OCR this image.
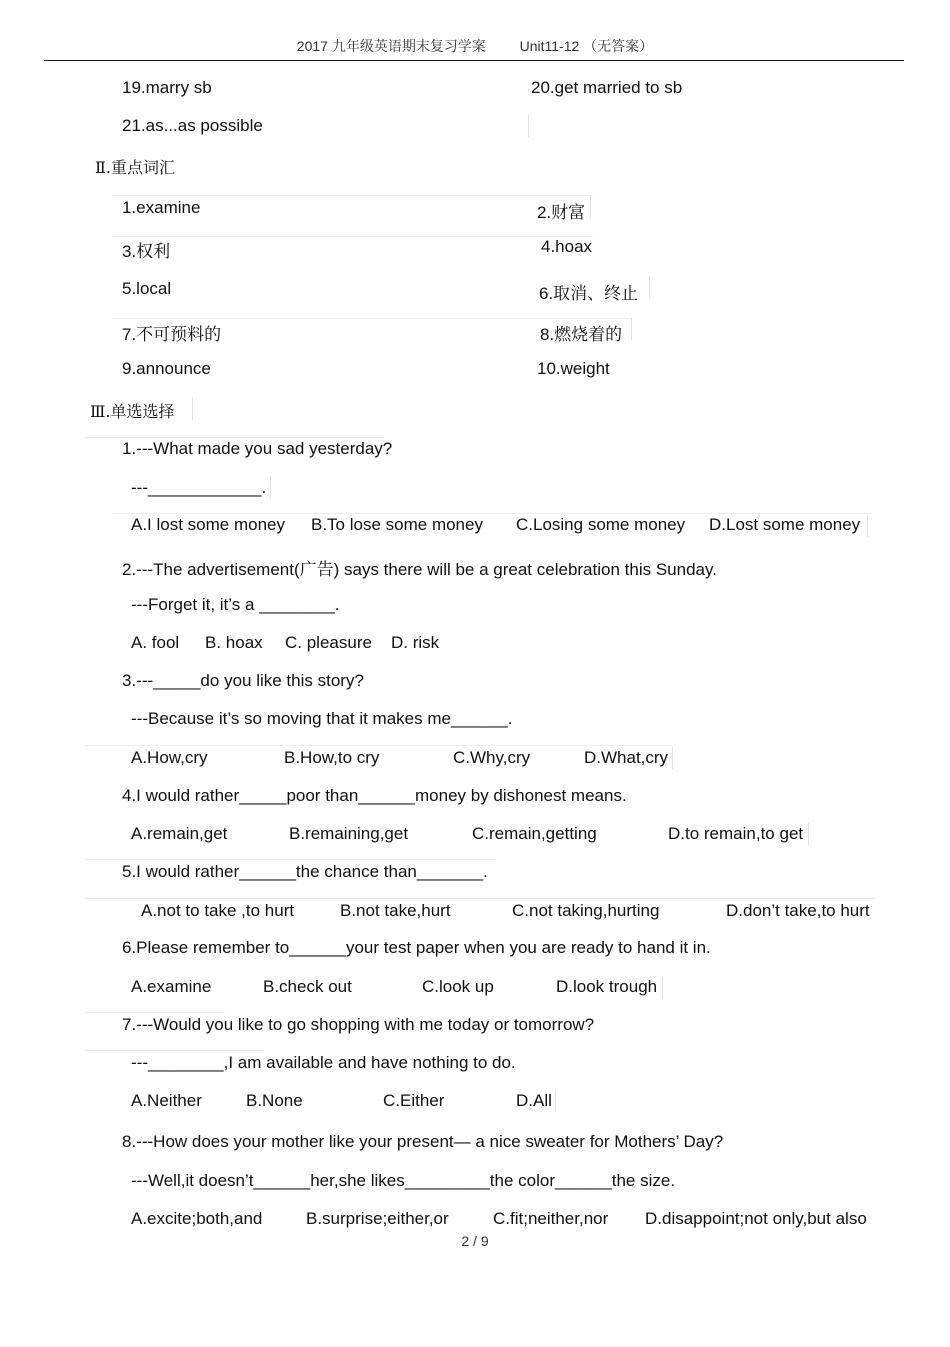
2017 九年级英语期末复习学案 Unit11-12 （无答案）
19.marry sb	20.get married to sb
21.as...as possible
Ⅱ.重点词汇
1.examine	2.财富
3.权利	4.hoax
5.local	6.取消、终止
7.不可预料的	8.燃烧着的
9.announce	10.weight
Ⅲ.单选选择
1.---What made you sad yesterday?
---____________.
A.I lost some money B.To lose some money C.Losing some money D.Lost some money
2.---The advertisement(广告) says there will be a great celebration this Sunday.
---Forget it, it’s a ________.
A. fool B. hoax C. pleasure D. risk
3.---_____do you like this story?
---Because it’s so moving that it makes me______.
A.How,cry	B.How,to cry	C.Why,cry	D.What,cry
4.I would rather_____poor than______money by dishonest means.
A.remain,get	B.remaining,get	C.remain,getting	D.to remain,to get
5.I would rather______the chance than_______.
A.not to take ,to hurt	B.not take,hurt	C.not taking,hurting	D.don’t take,to hurt
6.Please remember to______your test paper when you are ready to hand it in.
A.examine	B.check out	C.look up	D.look trough
7.---Would you like to go shopping with me today or tomorrow?
---________,I am available and have nothing to do.
A.Neither	B.None	C.Either	D.All
8.---How does your mother like your present— a nice sweater for Mothers’ Day?
---Well,it doesn’t______her,she likes_________the color______the size.
A.excite;both,and	B.surprise;either,or	C.fit;neither,nor D.disappoint;not only,but also
2 / 9
